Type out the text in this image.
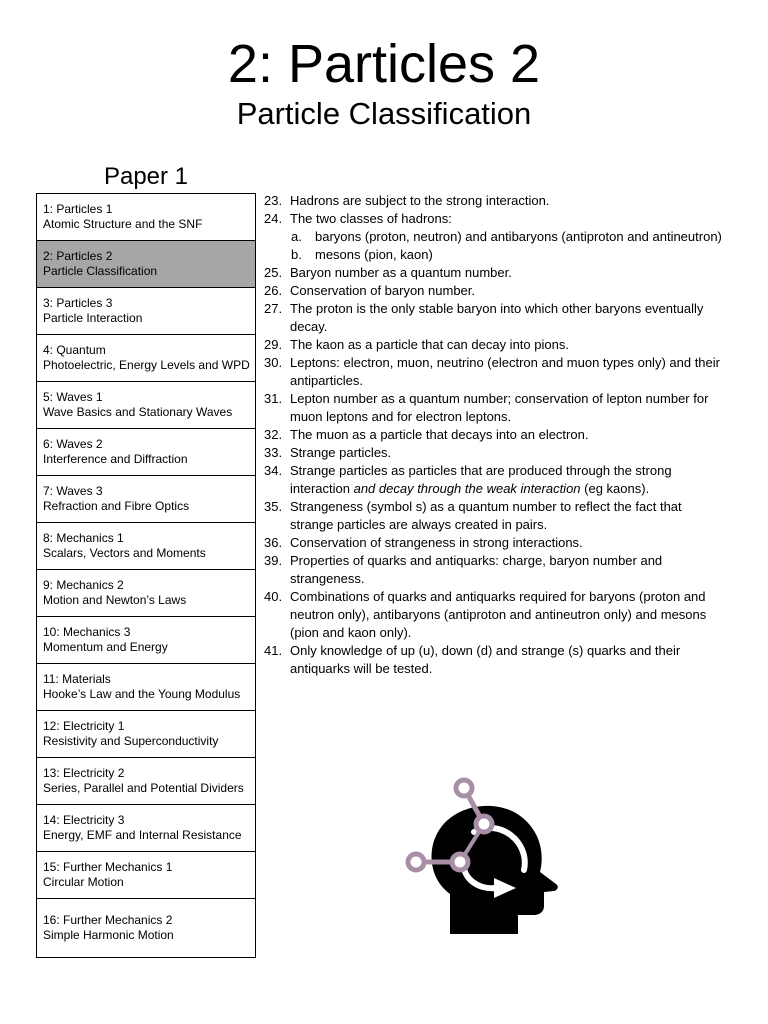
2: Particles 2
Particle Classification
Paper 1
1: Particles 1
Atomic Structure and the SNF
2: Particles 2
Particle Classification
3: Particles 3
Particle Interaction
4: Quantum
Photoelectric, Energy Levels and WPD
5: Waves 1
Wave Basics and Stationary Waves
6: Waves 2
Interference and Diffraction
7: Waves 3
Refraction and Fibre Optics
8: Mechanics 1
Scalars, Vectors and Moments
9: Mechanics 2
Motion and Newton’s Laws
10: Mechanics 3
Momentum and Energy
11: Materials
Hooke’s Law and the Young Modulus
12: Electricity 1
Resistivity and Superconductivity
13: Electricity 2
Series, Parallel and Potential Dividers
14: Electricity 3
Energy, EMF and Internal Resistance
15: Further Mechanics 1
Circular Motion
16: Further Mechanics 2
Simple Harmonic Motion
23. Hadrons are subject to the strong interaction.
24. The two classes of hadrons:
a.	baryons (proton, neutron) and antibaryons (antiproton and antineutron)
b.	mesons (pion, kaon)
25. Baryon number as a quantum number.
26. Conservation of baryon number.
27. The proton is the only stable baryon into which other baryons eventually decay.
29. The kaon as a particle that can decay into pions.
30. Leptons: electron, muon, neutrino (electron and muon types only) and their antiparticles.
31. Lepton number as a quantum number; conservation of lepton number for muon leptons and for electron leptons.
32. The muon as a particle that decays into an electron.
33. Strange particles.
34. Strange particles as particles that are produced through the strong interaction and decay through the weak interaction (eg kaons).
35. Strangeness (symbol s) as a quantum number to reflect the fact that strange particles are always created in pairs.
36. Conservation of strangeness in strong interactions.
39. Properties of quarks and antiquarks: charge, baryon number and strangeness.
40. Combinations of quarks and antiquarks required for baryons (proton and neutron only), antibaryons (antiproton and antineutron only) and mesons (pion and kaon only).
41. Only knowledge of up (u), down (d) and strange (s) quarks and their antiquarks will be tested.
